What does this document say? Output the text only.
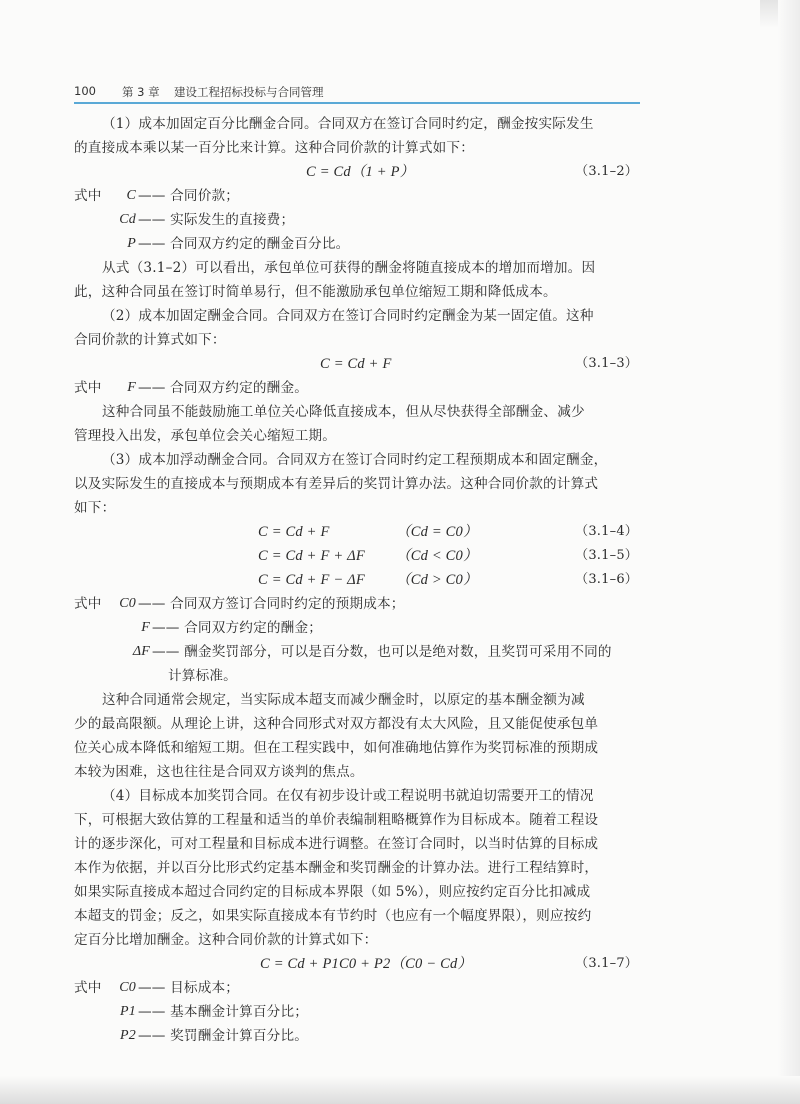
100 第 3 章 建设工程招标投标与合同管理
（1）成本加固定百分比酬金合同。合同双方在签订合同时约定，酬金按实际发生
的直接成本乘以某一百分比来计算。这种合同价款的计算式如下：
C = Cd（1 + P）	（3.1–2）
式中	C —— 合同价款；
Cd —— 实际发生的直接费；
P —— 合同双方约定的酬金百分比。
从式（3.1–2）可以看出，承包单位可获得的酬金将随直接成本的增加而增加。因
此，这种合同虽在签订时简单易行，但不能激励承包单位缩短工期和降低成本。
（2）成本加固定酬金合同。合同双方在签订合同时约定酬金为某一固定值。这种
合同价款的计算式如下：
C = Cd + F	（3.1–3）
式中	F —— 合同双方约定的酬金。
这种合同虽不能鼓励施工单位关心降低直接成本，但从尽快获得全部酬金、减少
管理投入出发，承包单位会关心缩短工期。
（3）成本加浮动酬金合同。合同双方在签订合同时约定工程预期成本和固定酬金，
以及实际发生的直接成本与预期成本有差异后的奖罚计算办法。这种合同价款的计算式
如下：
C = Cd + F	（Cd = C0）	（3.1–4）
C = Cd + F + ΔF （Cd < C0）	（3.1–5）
C = Cd + F − ΔF （Cd > C0）	（3.1–6）
式中	C0 —— 合同双方签订合同时约定的预期成本；
F —— 合同双方约定的酬金；
ΔF —— 酬金奖罚部分，可以是百分数，也可以是绝对数，且奖罚可采用不同的
计算标准。
这种合同通常会规定，当实际成本超支而减少酬金时，以原定的基本酬金额为减
少的最高限额。从理论上讲，这种合同形式对双方都没有太大风险，且又能促使承包单
位关心成本降低和缩短工期。但在工程实践中，如何准确地估算作为奖罚标准的预期成
本较为困难，这也往往是合同双方谈判的焦点。
（4）目标成本加奖罚合同。在仅有初步设计或工程说明书就迫切需要开工的情况
下，可根据大致估算的工程量和适当的单价表编制粗略概算作为目标成本。随着工程设
计的逐步深化，可对工程量和目标成本进行调整。在签订合同时，以当时估算的目标成
本作为依据，并以百分比形式约定基本酬金和奖罚酬金的计算办法。进行工程结算时，
如果实际直接成本超过合同约定的目标成本界限（如 5%），则应按约定百分比扣减成
本超支的罚金；反之，如果实际直接成本有节约时（也应有一个幅度界限），则应按约
定百分比增加酬金。这种合同价款的计算式如下：
C = Cd + P1C0 + P2（C0 − Cd）	（3.1–7）
式中	C0 —— 目标成本；
P1 —— 基本酬金计算百分比；
P2 —— 奖罚酬金计算百分比。
